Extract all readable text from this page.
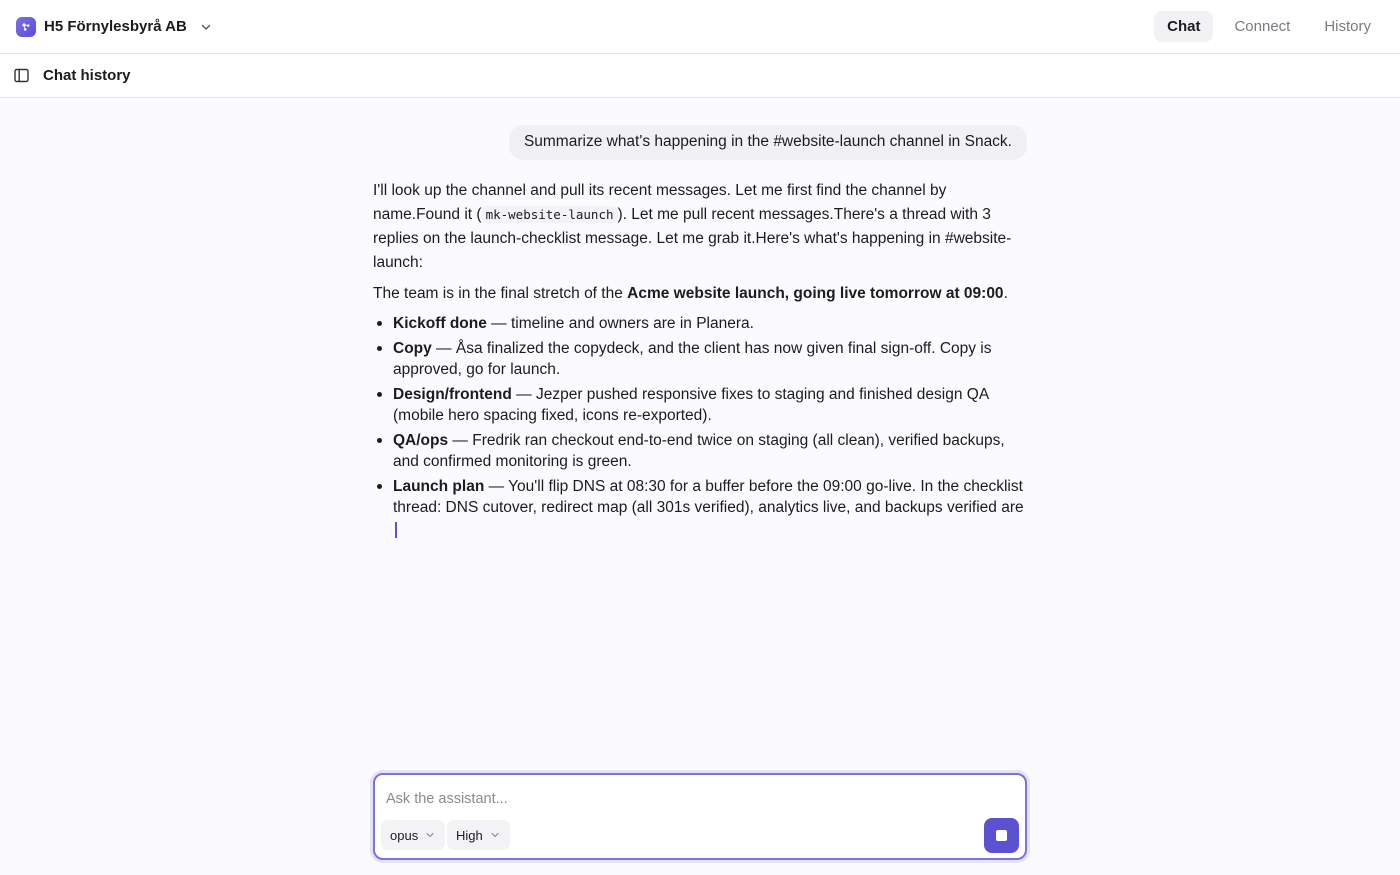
H5 Förnylesbyrå AB	Chat	Connect	History
Chat history
Summarize what's happening in the #website-launch channel in Snack.

I'll look up the channel and pull its recent messages. Let me first find the channel by name.Found it ( mk-website-launch ). Let me pull recent messages.There's a thread with 3 replies on the launch-checklist message. Let me grab it.Here's what's happening in #website-launch:

The team is in the final stretch of the Acme website launch, going live tomorrow at 09:00.

Kickoff done — timeline and owners are in Planera.
Copy — Åsa finalized the copydeck, and the client has now given final sign-off. Copy is approved, go for launch.
Design/frontend — Jezper pushed responsive fixes to staging and finished design QA (mobile hero spacing fixed, icons re-exported).
QA/ops — Fredrik ran checkout end-to-end twice on staging (all clean), verified backups, and confirmed monitoring is green.
Launch plan — You'll flip DNS at 08:30 for a buffer before the 09:00 go-live. In the checklist thread: DNS cutover, redirect map (all 301s verified), analytics live, and backups verified are
Ask the assistant...
opus	High
